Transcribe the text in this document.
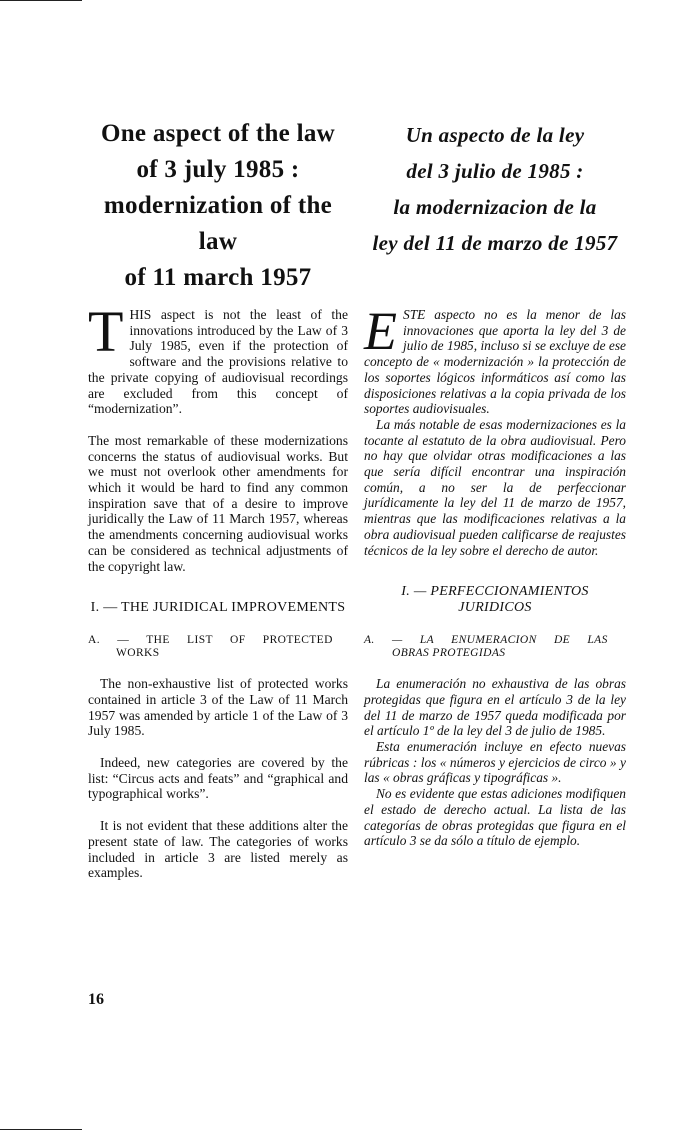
One aspect of the law
of 3 july 1985 :
modernization of the law
of 11 march 1957

THIS aspect is not the least of the innovations introduced by the Law of 3 July 1985, even if the protection of software and the provisions relative to the private copying of audiovisual recordings are excluded from this concept of “modernization”.

The most remarkable of these modernizations concerns the status of audiovisual works. But we must not overlook other amendments for which it would be hard to find any common inspiration save that of a desire to improve juridically the Law of 11 March 1957, whereas the amendments concerning audiovisual works can be considered as technical adjustments of the copyright law.

I. — THE JURIDICAL IMPROVEMENTS
A. — THE LIST OF PROTECTED
WORKS

The non-exhaustive list of protected works contained in article 3 of the Law of 11 March 1957 was amended by article 1 of the Law of 3 July 1985.

Indeed, new categories are covered by the list: “Circus acts and feats” and “graphical and typographical works”.

It is not evident that these additions alter the present state of law. The categories of works included in article 3 are listed merely as examples.

Un aspecto de la ley
del 3 julio de 1985 :
la modernizacion de la
ley del 11 de marzo de 1957

ESTE aspecto no es la menor de las innovaciones que aporta la ley del 3 de julio de 1985, incluso si se excluye de ese concepto de « modernización » la protección de los soportes lógicos informáticos así como las disposiciones relativas a la copia privada de los soportes audiovisuales.

La más notable de esas modernizaciones es la tocante al estatuto de la obra audiovisual. Pero no hay que olvidar otras modificaciones a las que sería difícil encontrar una inspiración común, a no ser la de perfeccionar jurídicamente la ley del 11 de marzo de 1957, mientras que las modificaciones relativas a la obra audiovisual pueden calificarse de reajustes técnicos de la ley sobre el derecho de autor.

I. — PERFECCIONAMIENTOS JURIDICOS
A. — LA ENUMERACION DE LAS
OBRAS PROTEGIDAS

La enumeración no exhaustiva de las obras protegidas que figura en el artículo 3 de la ley del 11 de marzo de 1957 queda modificada por el artículo 1º de la ley del 3 de julio de 1985.

Esta enumeración incluye en efecto nuevas rúbricas : los « números y ejercicios de circo » y las « obras gráficas y tipográficas ».

No es evidente que estas adiciones modifiquen el estado de derecho actual. La lista de las categorías de obras protegidas que figura en el artículo 3 se da sólo a título de ejemplo.

16
